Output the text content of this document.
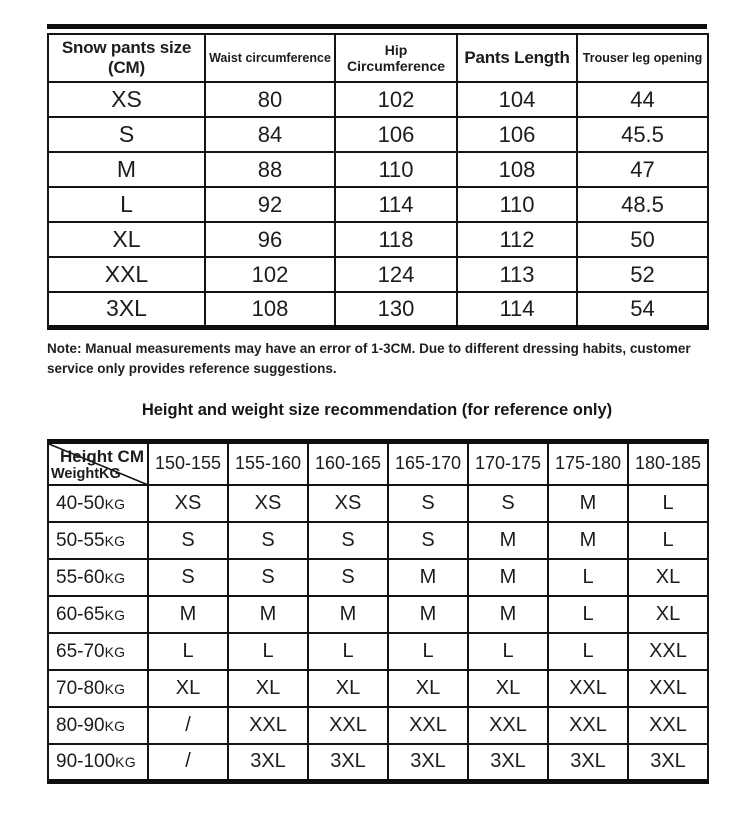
Snow pants size (CM)	Waist circumference	Hip Circumference	Pants Length	Trouser leg opening
XS	80	102	104	44
S	84	106	106	45.5
M	88	110	108	47
L	92	114	110	48.5
XL	96	118	112	50
XXL	102	124	113	52
3XL	108	130	114	54

Note: Manual measurements may have an error of 1-3CM. Due to different dressing habits, customer service only provides reference suggestions.

Height and weight size recommendation (for reference only)
Height CM
WeightKG	150-155	155-160	160-165	165-170	170-175	175-180	180-185
40-50KG	XS	XS	XS	S	S	M	L
50-55KG	S	S	S	S	M	M	L
55-60KG	S	S	S	M	M	L	XL
60-65KG	M	M	M	M	M	L	XL
65-70KG	L	L	L	L	L	L	XXL
70-80KG	XL	XL	XL	XL	XL	XXL	XXL
80-90KG	/	XXL	XXL	XXL	XXL	XXL	XXL
90-100KG	/	3XL	3XL	3XL	3XL	3XL	3XL
